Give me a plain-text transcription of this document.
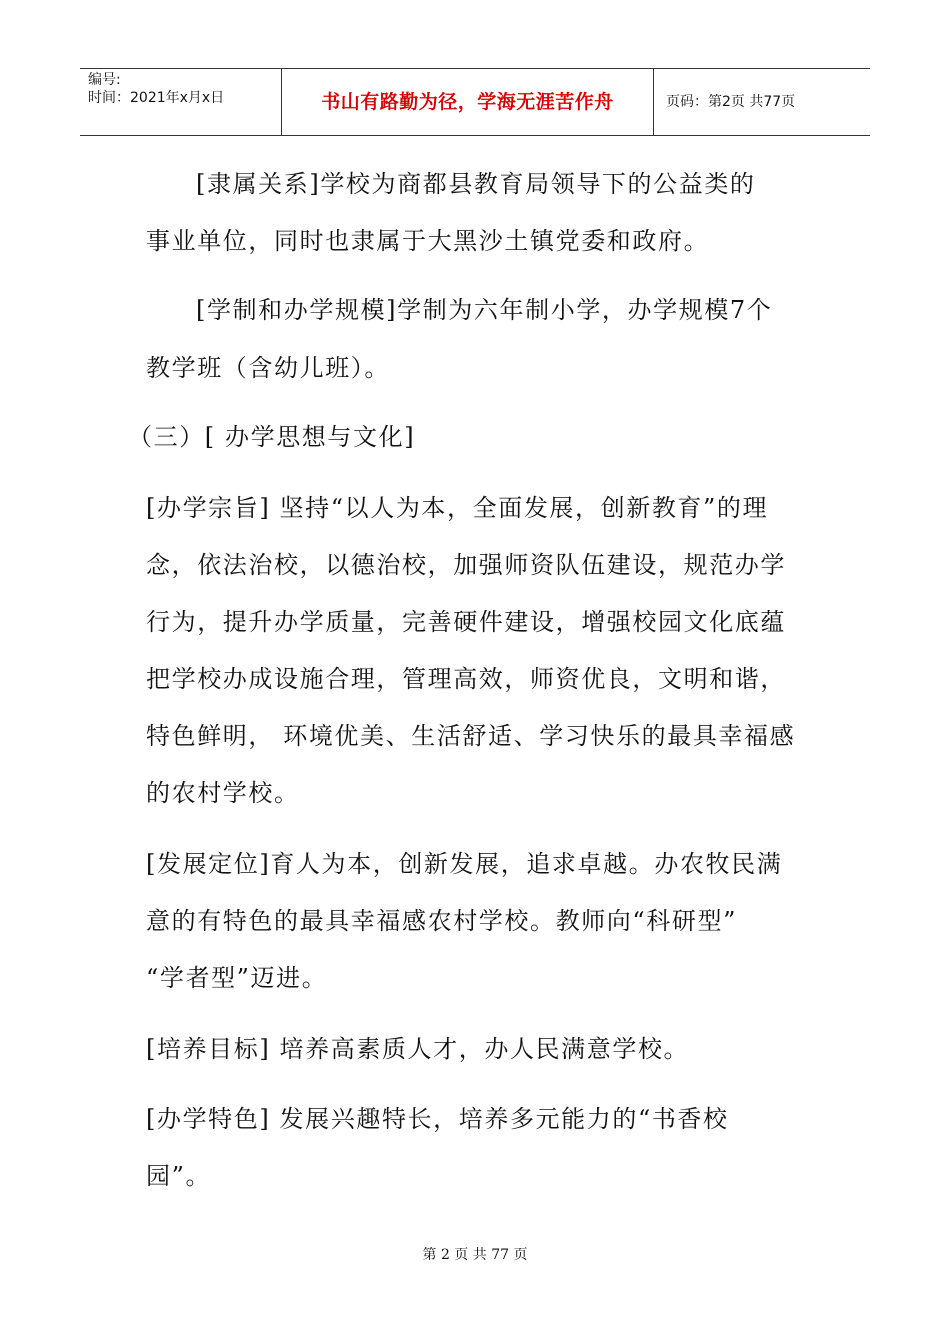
编号:
时间：2021年x月x日	书山有路勤为径，学海无涯苦作舟	页码：第2页 共77页
[隶属关系]学校为商都县教育局领导下的公益类的
事业单位，同时也隶属于大黑沙土镇党委和政府。
[学制和办学规模]学制为六年制小学，办学规模7个
教学班（含幼儿班）。
（三）[ 办学思想与文化]
[办学宗旨] 坚持“以人为本，全面发展，创新教育”的理
念，依法治校，以德治校，加强师资队伍建设，规范办学
行为，提升办学质量，完善硬件建设，增强校园文化底蕴
把学校办成设施合理，管理高效，师资优良，文明和谐，
特色鲜明， 环境优美、生活舒适、学习快乐的最具幸福感
的农村学校。
[发展定位]育人为本，创新发展，追求卓越。办农牧民满
意的有特色的最具幸福感农村学校。教师向“科研型”
“学者型”迈进。
[培养目标] 培养高素质人才，办人民满意学校。
[办学特色] 发展兴趣特长，培养多元能力的“书香校
园”。
第 2 页 共 77 页
